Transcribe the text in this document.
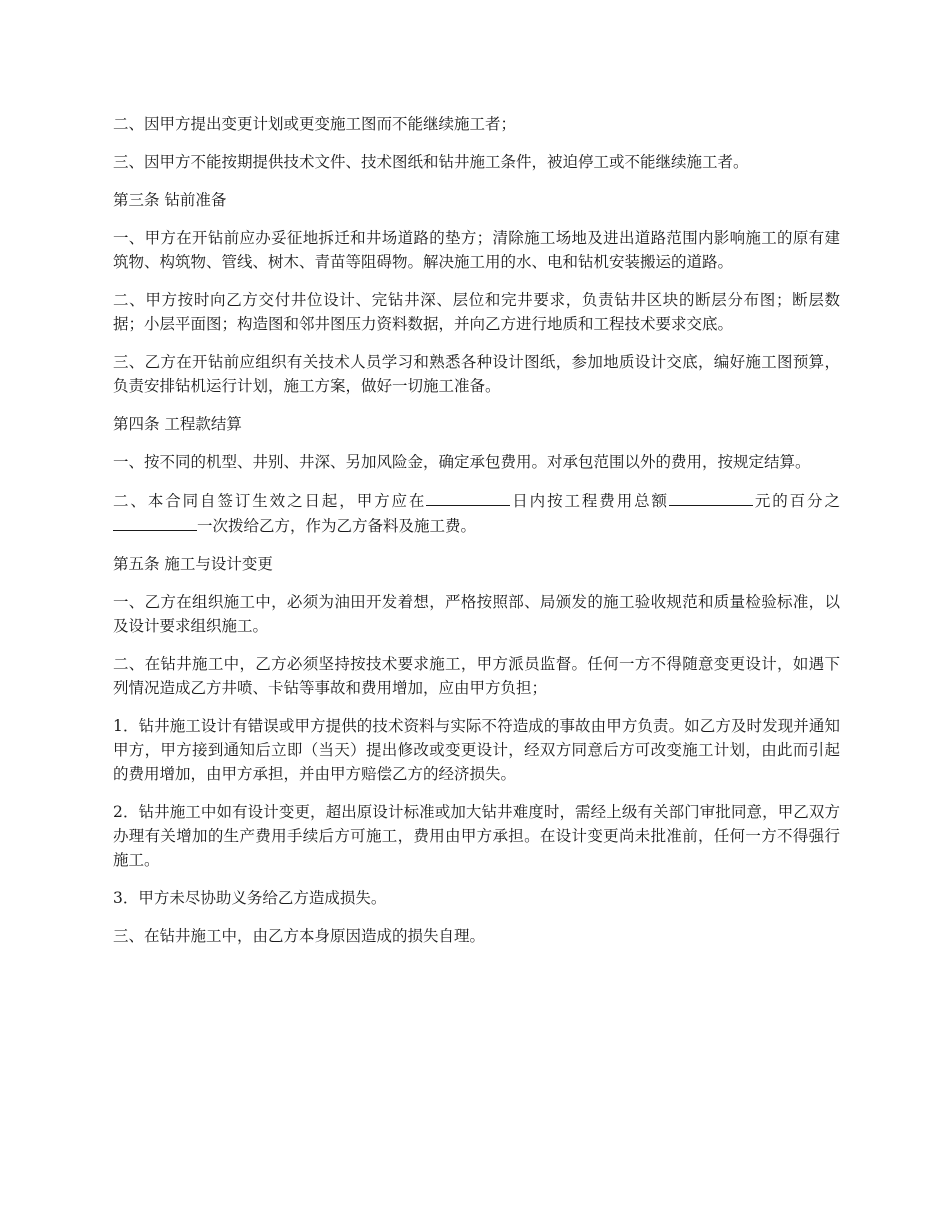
二、因甲方提出变更计划或更变施工图而不能继续施工者；

三、因甲方不能按期提供技术文件、技术图纸和钻井施工条件，被迫停工或不能继续施工者。

第三条 钻前准备

一、甲方在开钻前应办妥征地拆迁和井场道路的垫方；清除施工场地及进出道路范围内影响施工的原有建筑物、构筑物、管线、树木、青苗等阻碍物。解决施工用的水、电和钻机安装搬运的道路。

二、甲方按时向乙方交付井位设计、完钻井深、层位和完井要求，负责钻井区块的断层分布图；断层数据；小层平面图；构造图和邻井图压力资料数据，并向乙方进行地质和工程技术要求交底。

三、乙方在开钻前应组织有关技术人员学习和熟悉各种设计图纸，参加地质设计交底，编好施工图预算，负责安排钻机运行计划，施工方案，做好一切施工准备。

第四条 工程款结算

一、按不同的机型、井别、井深、另加风险金，确定承包费用。对承包范围以外的费用，按规定结算。

二、本合同自签订生效之日起，甲方应在	日内按工程费用总额	元的百分之一次拨给乙方，作为乙方备料及施工费。

第五条 施工与设计变更

一、乙方在组织施工中，必须为油田开发着想，严格按照部、局颁发的施工验收规范和质量检验标准，以及设计要求组织施工。

二、在钻井施工中，乙方必须坚持按技术要求施工，甲方派员监督。任何一方不得随意变更设计，如遇下列情况造成乙方井喷、卡钻等事故和费用增加，应由甲方负担；

1．钻井施工设计有错误或甲方提供的技术资料与实际不符造成的事故由甲方负责。如乙方及时发现并通知甲方，甲方接到通知后立即（当天）提出修改或变更设计，经双方同意后方可改变施工计划，由此而引起的费用增加，由甲方承担，并由甲方赔偿乙方的经济损失。

2．钻井施工中如有设计变更，超出原设计标准或加大钻井难度时，需经上级有关部门审批同意，甲乙双方办理有关增加的生产费用手续后方可施工，费用由甲方承担。在设计变更尚未批准前，任何一方不得强行施工。

3．甲方未尽协助义务给乙方造成损失。

三、在钻井施工中，由乙方本身原因造成的损失自理。
